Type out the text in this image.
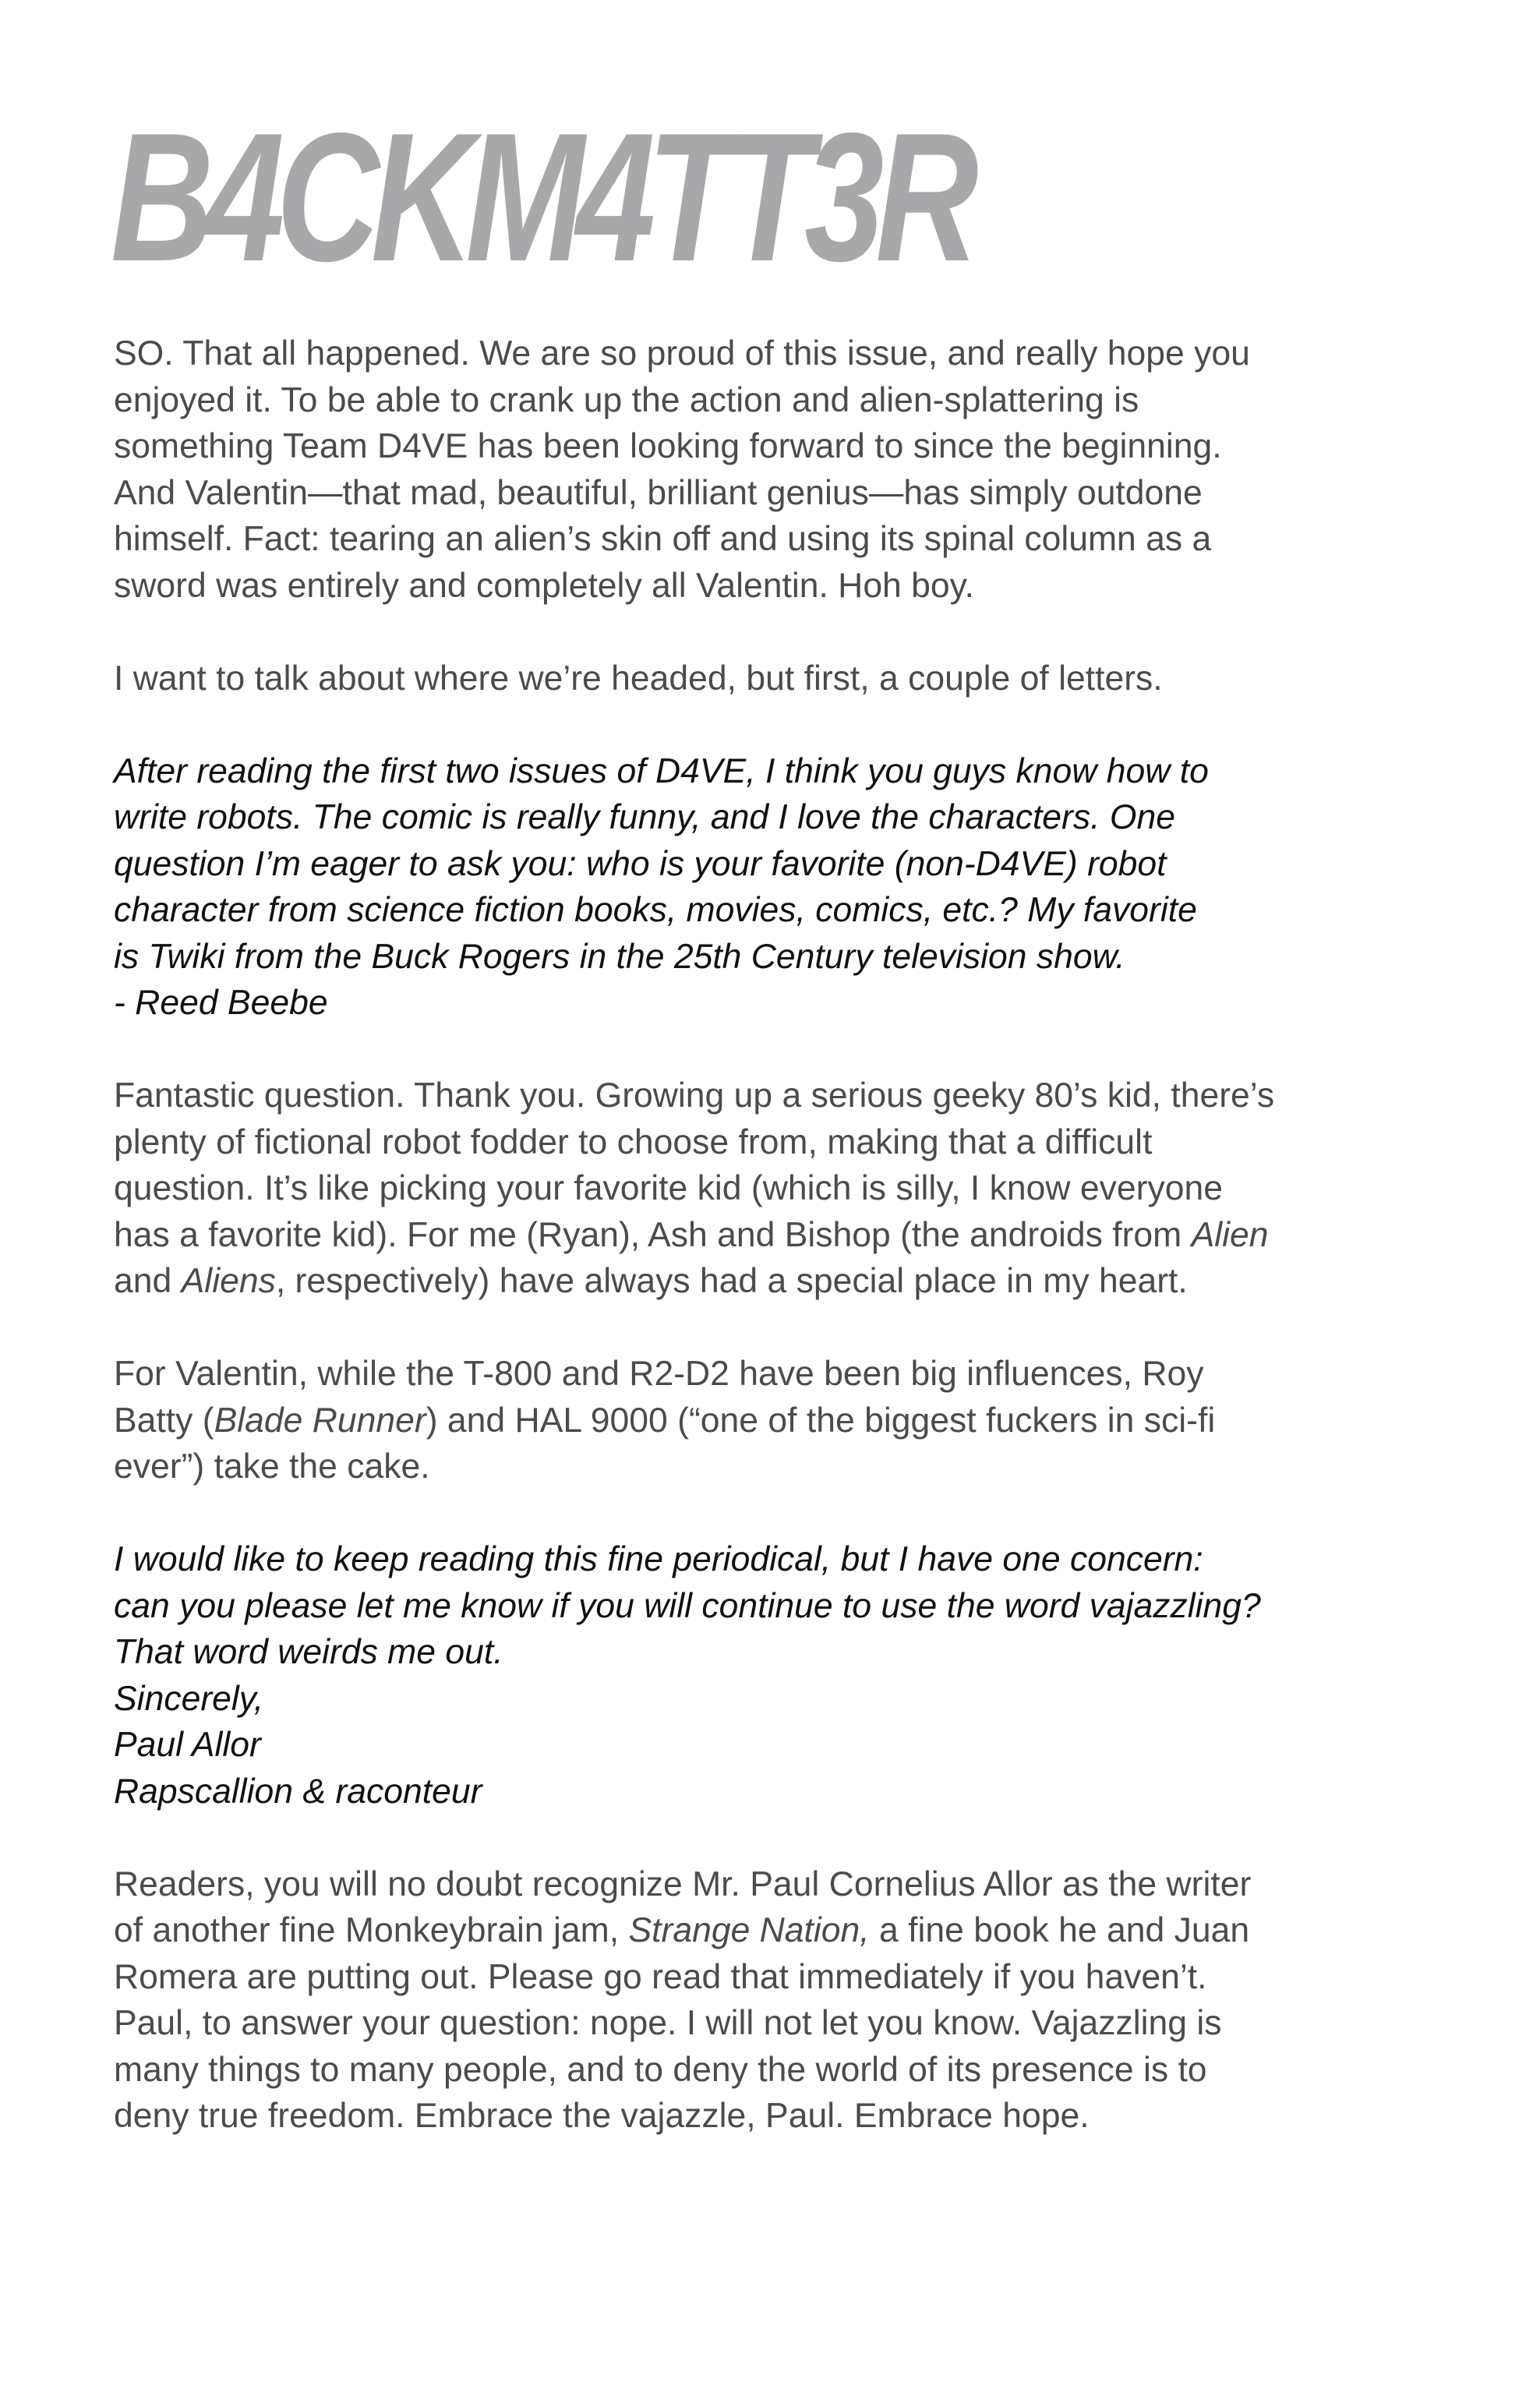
B4CKM4TT3R

SO. That all happened. We are so proud of this issue, and really hope you
enjoyed it. To be able to crank up the action and alien-splattering is
something Team D4VE has been looking forward to since the beginning.
And Valentin—that mad, beautiful, brilliant genius—has simply outdone
himself. Fact: tearing an alien’s skin off and using its spinal column as a
sword was entirely and completely all Valentin. Hoh boy.

I want to talk about where we’re headed, but first, a couple of letters.

After reading the first two issues of D4VE, I think you guys know how to
write robots. The comic is really funny, and I love the characters. One
question I’m eager to ask you: who is your favorite (non-D4VE) robot
character from science fiction books, movies, comics, etc.? My favorite
is Twiki from the Buck Rogers in the 25th Century television show.
- Reed Beebe

Fantastic question. Thank you. Growing up a serious geeky 80’s kid, there’s
plenty of fictional robot fodder to choose from, making that a difficult
question. It’s like picking your favorite kid (which is silly, I know everyone
has a favorite kid). For me (Ryan), Ash and Bishop (the androids from Alien
and Aliens, respectively) have always had a special place in my heart.

For Valentin, while the T-800 and R2-D2 have been big influences, Roy
Batty (Blade Runner) and HAL 9000 (“one of the biggest fuckers in sci-fi
ever”) take the cake.

I would like to keep reading this fine periodical, but I have one concern:
can you please let me know if you will continue to use the word vajazzling?
That word weirds me out.
Sincerely,
Paul Allor
Rapscallion & raconteur

Readers, you will no doubt recognize Mr. Paul Cornelius Allor as the writer
of another fine Monkeybrain jam, Strange Nation, a fine book he and Juan
Romera are putting out. Please go read that immediately if you haven’t.
Paul, to answer your question: nope. I will not let you know. Vajazzling is
many things to many people, and to deny the world of its presence is to
deny true freedom. Embrace the vajazzle, Paul. Embrace hope.
